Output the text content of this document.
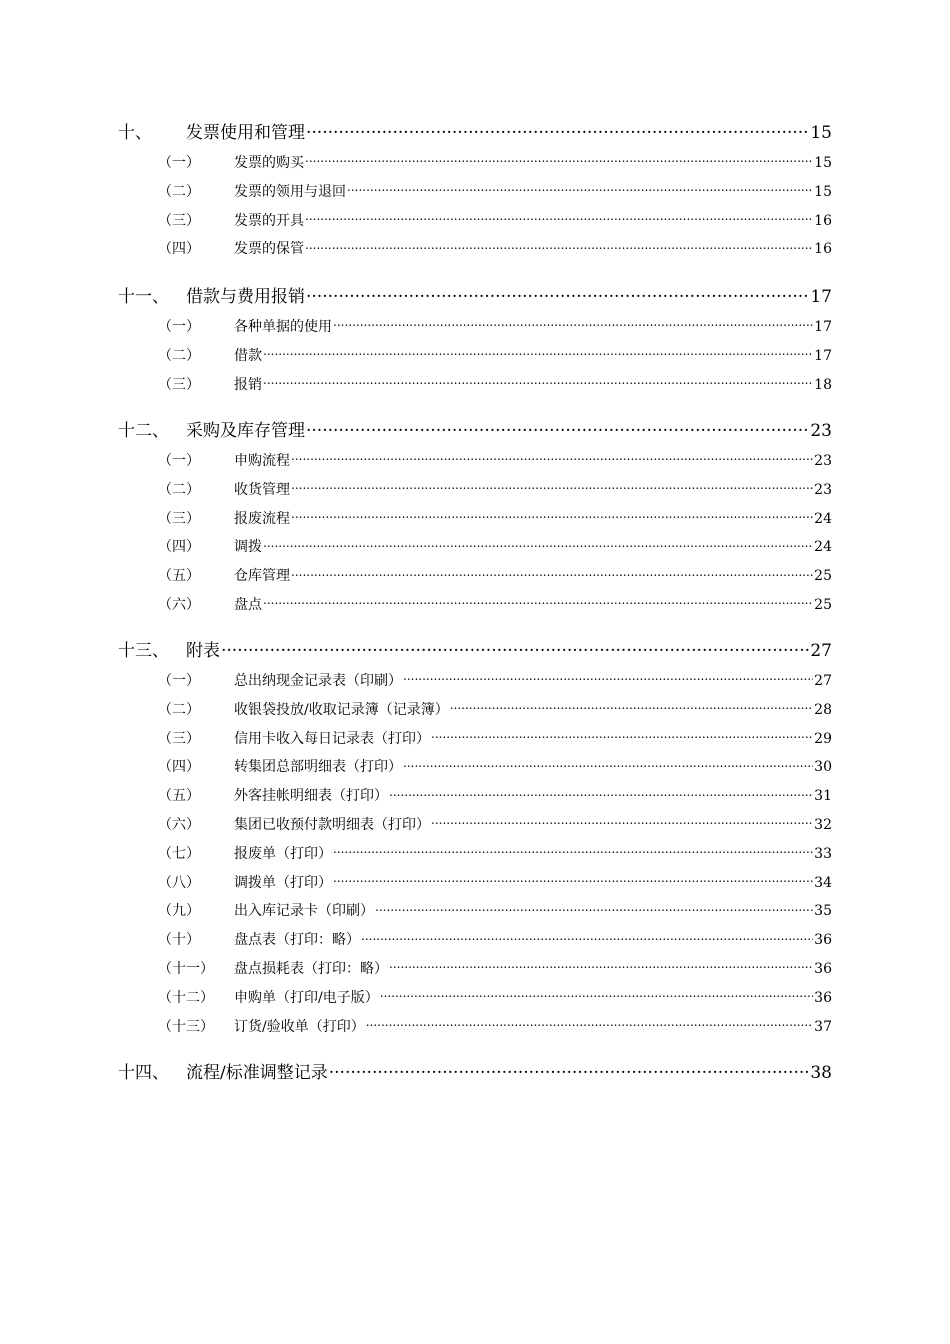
十、	发票使用和管理 .....	15
（一）	发票的购买 .....	15
（二）	发票的领用与退回 .....	15
（三）	发票的开具 .....	16
（四）	发票的保管 .....	16
十一、	借款与费用报销 .....	17
（一）	各种单据的使用 .....	17
（二）	借款 .....	17
（三）	报销 .....	18
十二、	采购及库存管理 .....	23
（一）	申购流程 .....	23
（二）	收货管理 .....	23
（三）	报废流程 .....	24
（四）	调拨 .....	24
（五）	仓库管理 .....	25
（六）	盘点 .....	25
十三、	附表 .....	27
（一）	总出纳现金记录表（印刷） .....	27
（二）	收银袋投放/收取记录簿（记录簿） .....	28
（三）	信用卡收入每日记录表（打印） .....	29
（四）	转集团总部明细表（打印） .....	30
（五）	外客挂帐明细表（打印） .....	31
（六）	集团已收预付款明细表（打印） .....	32
（七）	报废单（打印） .....	33
（八）	调拨单（打印） .....	34
（九）	出入库记录卡（印刷） .....	35
（十）	盘点表（打印：略） .....	36
（十一）	盘点损耗表（打印：略） .....	36
（十二）	申购单（打印/电子版） .....	36
（十三）	订货/验收单（打印） .....	37
十四、	流程/标准调整记录 .....	38
